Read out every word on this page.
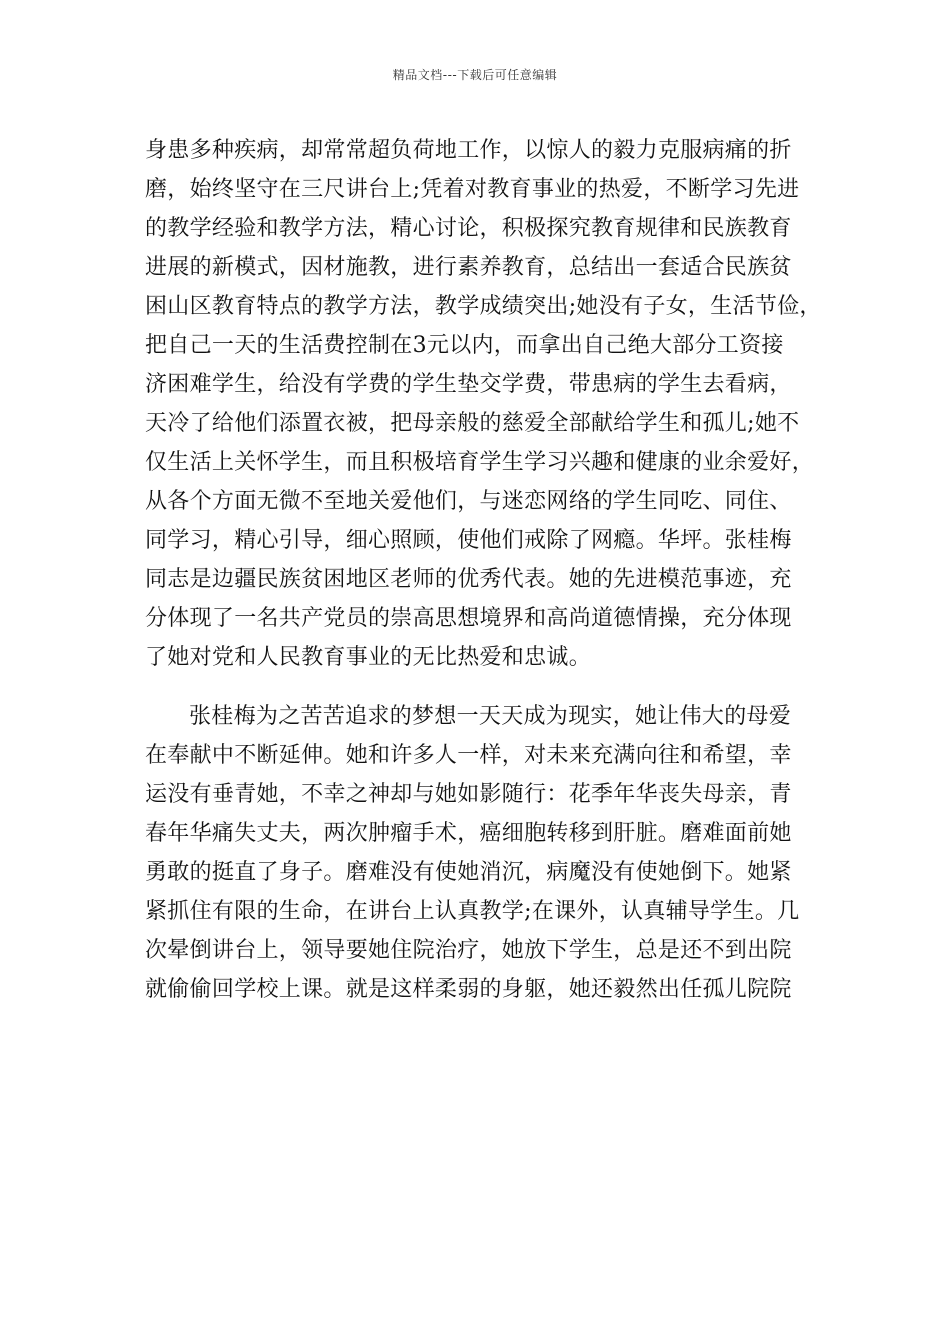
精品文档---下载后可任意编辑
身患多种疾病，却常常超负荷地工作，以惊人的毅力克服病痛的折
磨，始终坚守在三尺讲台上;凭着对教育事业的热爱，不断学习先进
的教学经验和教学方法，精心讨论，积极探究教育规律和民族教育
进展的新模式，因材施教，进行素养教育，总结出一套适合民族贫
困山区教育特点的教学方法，教学成绩突出;她没有子女，生活节俭，
把自己一天的生活费控制在3元以内，而拿出自己绝大部分工资接
济困难学生，给没有学费的学生垫交学费，带患病的学生去看病，
天冷了给他们添置衣被，把母亲般的慈爱全部献给学生和孤儿;她不
仅生活上关怀学生，而且积极培育学生学习兴趣和健康的业余爱好，
从各个方面无微不至地关爱他们，与迷恋网络的学生同吃、同住、
同学习，精心引导，细心照顾，使他们戒除了网瘾。华坪。张桂梅
同志是边疆民族贫困地区老师的优秀代表。她的先进模范事迹，充
分体现了一名共产党员的崇高思想境界和高尚道德情操，充分体现
了她对党和人民教育事业的无比热爱和忠诚。
张桂梅为之苦苦追求的梦想一天天成为现实，她让伟大的母爱
在奉献中不断延伸。她和许多人一样，对未来充满向往和希望，幸
运没有垂青她，不幸之神却与她如影随行：花季年华丧失母亲，青
春年华痛失丈夫，两次肿瘤手术，癌细胞转移到肝脏。磨难面前她
勇敢的挺直了身子。磨难没有使她消沉，病魔没有使她倒下。她紧
紧抓住有限的生命，在讲台上认真教学;在课外，认真辅导学生。几
次晕倒讲台上，领导要她住院治疗，她放下学生，总是还不到出院
就偷偷回学校上课。就是这样柔弱的身躯，她还毅然出任孤儿院院
